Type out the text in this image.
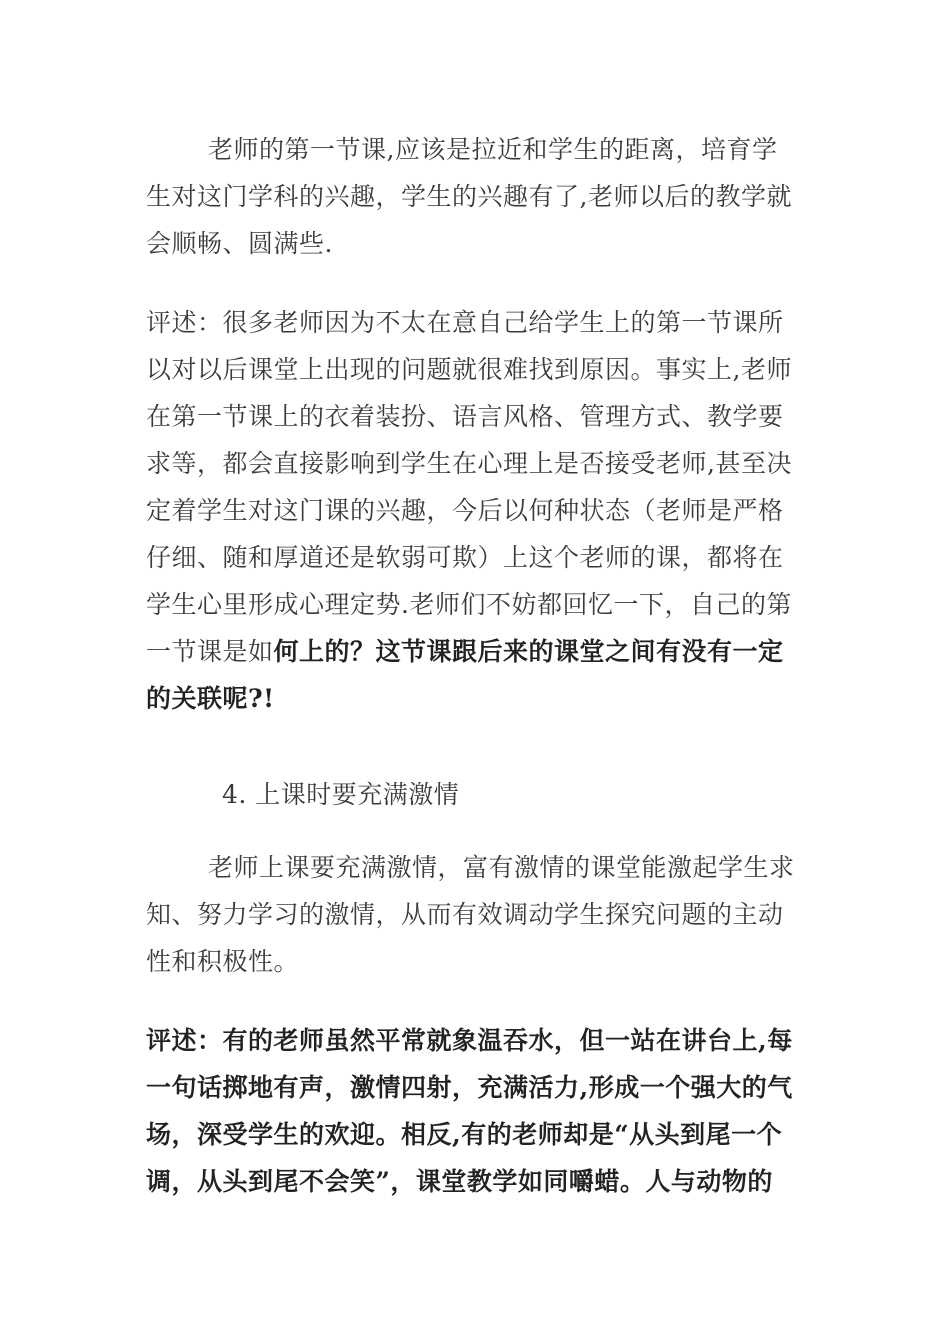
老师的第一节课,应该是拉近和学生的距离，培育学
生对这门学科的兴趣，学生的兴趣有了,老师以后的教学就
会顺畅、圆满些.
评述：很多老师因为不太在意自己给学生上的第一节课所
以对以后课堂上出现的问题就很难找到原因。事实上,老师
在第一节课上的衣着装扮、语言风格、管理方式、教学要
求等，都会直接影响到学生在心理上是否接受老师,甚至决
定着学生对这门课的兴趣，今后以何种状态（老师是严格
仔细、随和厚道还是软弱可欺）上这个老师的课，都将在
学生心里形成心理定势.老师们不妨都回忆一下，自己的第
一节课是如何上的？这节课跟后来的课堂之间有没有一定
的关联呢?!
4. 上课时要充满激情
老师上课要充满激情，富有激情的课堂能激起学生求
知、努力学习的激情，从而有效调动学生探究问题的主动
性和积极性。
评述：有的老师虽然平常就象温吞水，但一站在讲台上,每
一句话掷地有声，激情四射，充满活力,形成一个强大的气
场，深受学生的欢迎。相反,有的老师却是“从头到尾一个
调，从头到尾不会笑”，课堂教学如同嚼蜡。人与动物的
